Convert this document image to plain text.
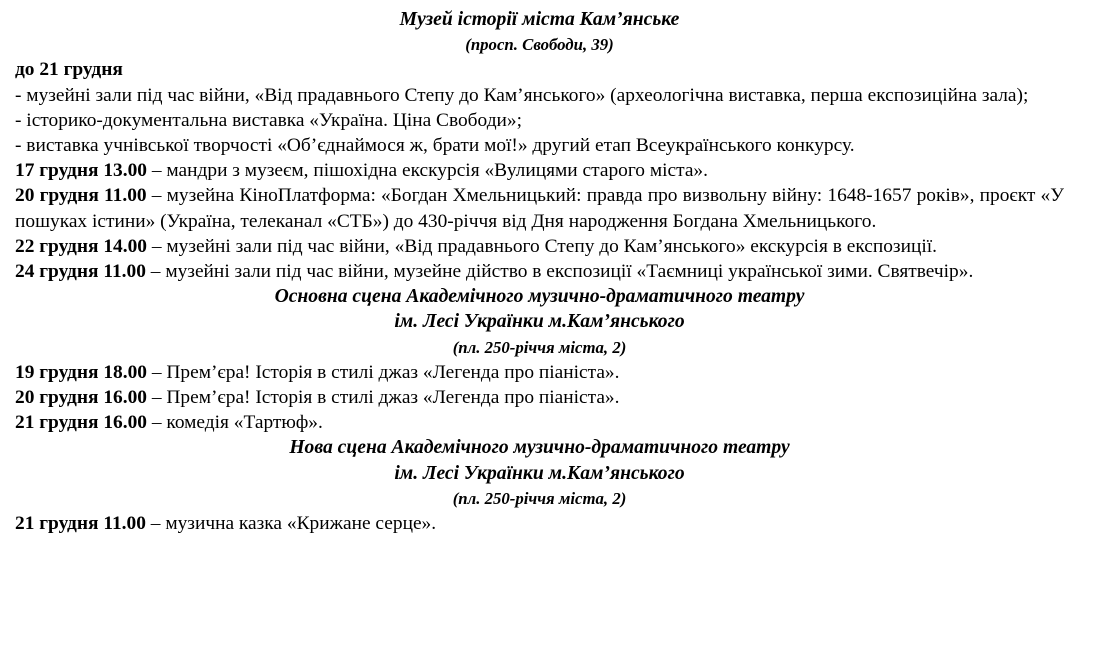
Музей історії міста Кам’янське
(просп. Свободи, 39)
до 21 грудня
- музейні зали під час війни, «Від прадавнього Степу до Кам’янського» (археологічна виставка, перша експозиційна зала);
- історико-документальна виставка «Україна. Ціна Свободи»;
- виставка учнівської творчості «Об’єднаймося ж, брати мої!» другий етап Всеукраїнського конкурсу.
17 грудня 13.00 – мандри з музеєм, пішохідна екскурсія «Вулицями старого міста».
20 грудня 11.00 – музейна КіноПлатформа: «Богдан Хмельницький: правда про визвольну війну: 1648-1657 років», проєкт «У пошуках істини» (Україна, телеканал «СТБ») до 430-річчя від Дня народження Богдана Хмельницького.
22 грудня 14.00 – музейні зали під час війни, «Від прадавнього Степу до Кам’янського» екскурсія в експозиції.
24 грудня 11.00 – музейні зали під час війни, музейне дійство в експозиції «Таємниці української зими. Святвечір».
Основна сцена Академічного музично-драматичного театру
ім. Лесі Українки м.Кам’янського
(пл. 250-річчя міста, 2)
19 грудня 18.00 – Прем’єра! Історія в стилі джаз «Легенда про піаніста».
20 грудня 16.00 – Прем’єра! Історія в стилі джаз «Легенда про піаніста».
21 грудня 16.00 – комедія «Тартюф».
Нова сцена Академічного музично-драматичного театру
ім. Лесі Українки м.Кам’янського
(пл. 250-річчя міста, 2)
21 грудня 11.00 – музична казка «Крижане серце».
